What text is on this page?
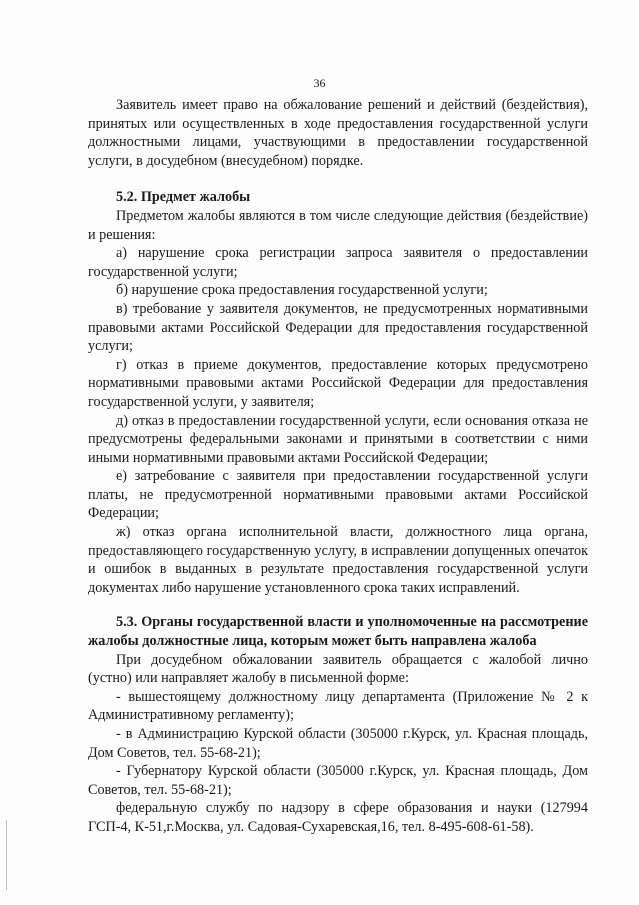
36

Заявитель имеет право на обжалование решений и действий (бездействия), принятых или осуществленных в ходе предоставления государственной услуги должностными лицами, участвующими в предоставлении государственной услуги, в досудебном (внесудебном) порядке.

5.2. Предмет жалобы

Предметом жалобы являются в том числе следующие действия (бездействие) и решения:

а) нарушение срока регистрации запроса заявителя о предоставлении государственной услуги;

б) нарушение срока предоставления государственной услуги;

в) требование у заявителя документов, не предусмотренных нормативными правовыми актами Российской Федерации для предоставления государственной услуги;

г) отказ в приеме документов, предоставление которых предусмотрено нормативными правовыми актами Российской Федерации для предоставления государственной услуги, у заявителя;

д) отказ в предоставлении государственной услуги, если основания отказа не предусмотрены федеральными законами и принятыми в соответствии с ними иными нормативными правовыми актами Российской Федерации;

е) затребование с заявителя при предоставлении государственной услуги платы, не предусмотренной нормативными правовыми актами Российской Федерации;

ж) отказ органа исполнительной власти, должностного лица органа, предоставляющего государственную услугу, в исправлении допущенных опечаток и ошибок в выданных в результате предоставления государственной услуги документах либо нарушение установленного срока таких исправлений.

5.3. Органы государственной власти и уполномоченные на рассмотрение жалобы должностные лица, которым может быть направлена жалоба

При досудебном обжаловании заявитель обращается с жалобой лично (устно) или направляет жалобу в письменной форме:

- вышестоящему должностному лицу департамента (Приложение № 2 к Административному регламенту);

- в Администрацию Курской области (305000 г.Курск, ул. Красная площадь, Дом Советов, тел. 55-68-21);

- Губернатору Курской области (305000 г.Курск, ул. Красная площадь, Дом Советов, тел. 55-68-21);

федеральную службу по надзору в сфере образования и науки (127994 ГСП-4, К-51,г.Москва, ул. Садовая-Сухаревская,16, тел. 8-495-608-61-58).
